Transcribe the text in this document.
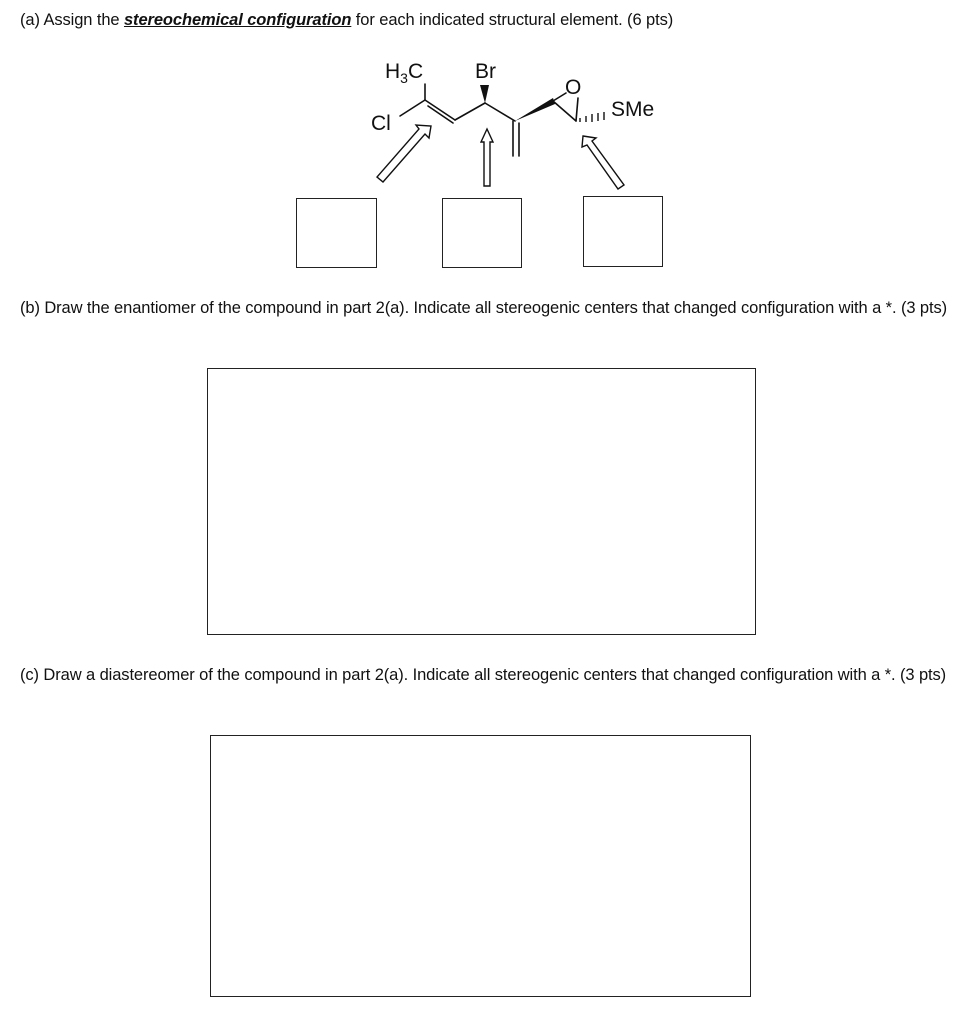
(a) Assign the stereochemical configuration for each indicated structural element. (6 pts)
$H_3C$ Br
Cl
O
SMe
(b) Draw the enantiomer of the compound in part 2(a). Indicate all stereogenic centers that changed configuration with a *. (3 pts)
(c) Draw a diastereomer of the compound in part 2(a). Indicate all stereogenic centers that changed configuration with a *. (3 pts)
